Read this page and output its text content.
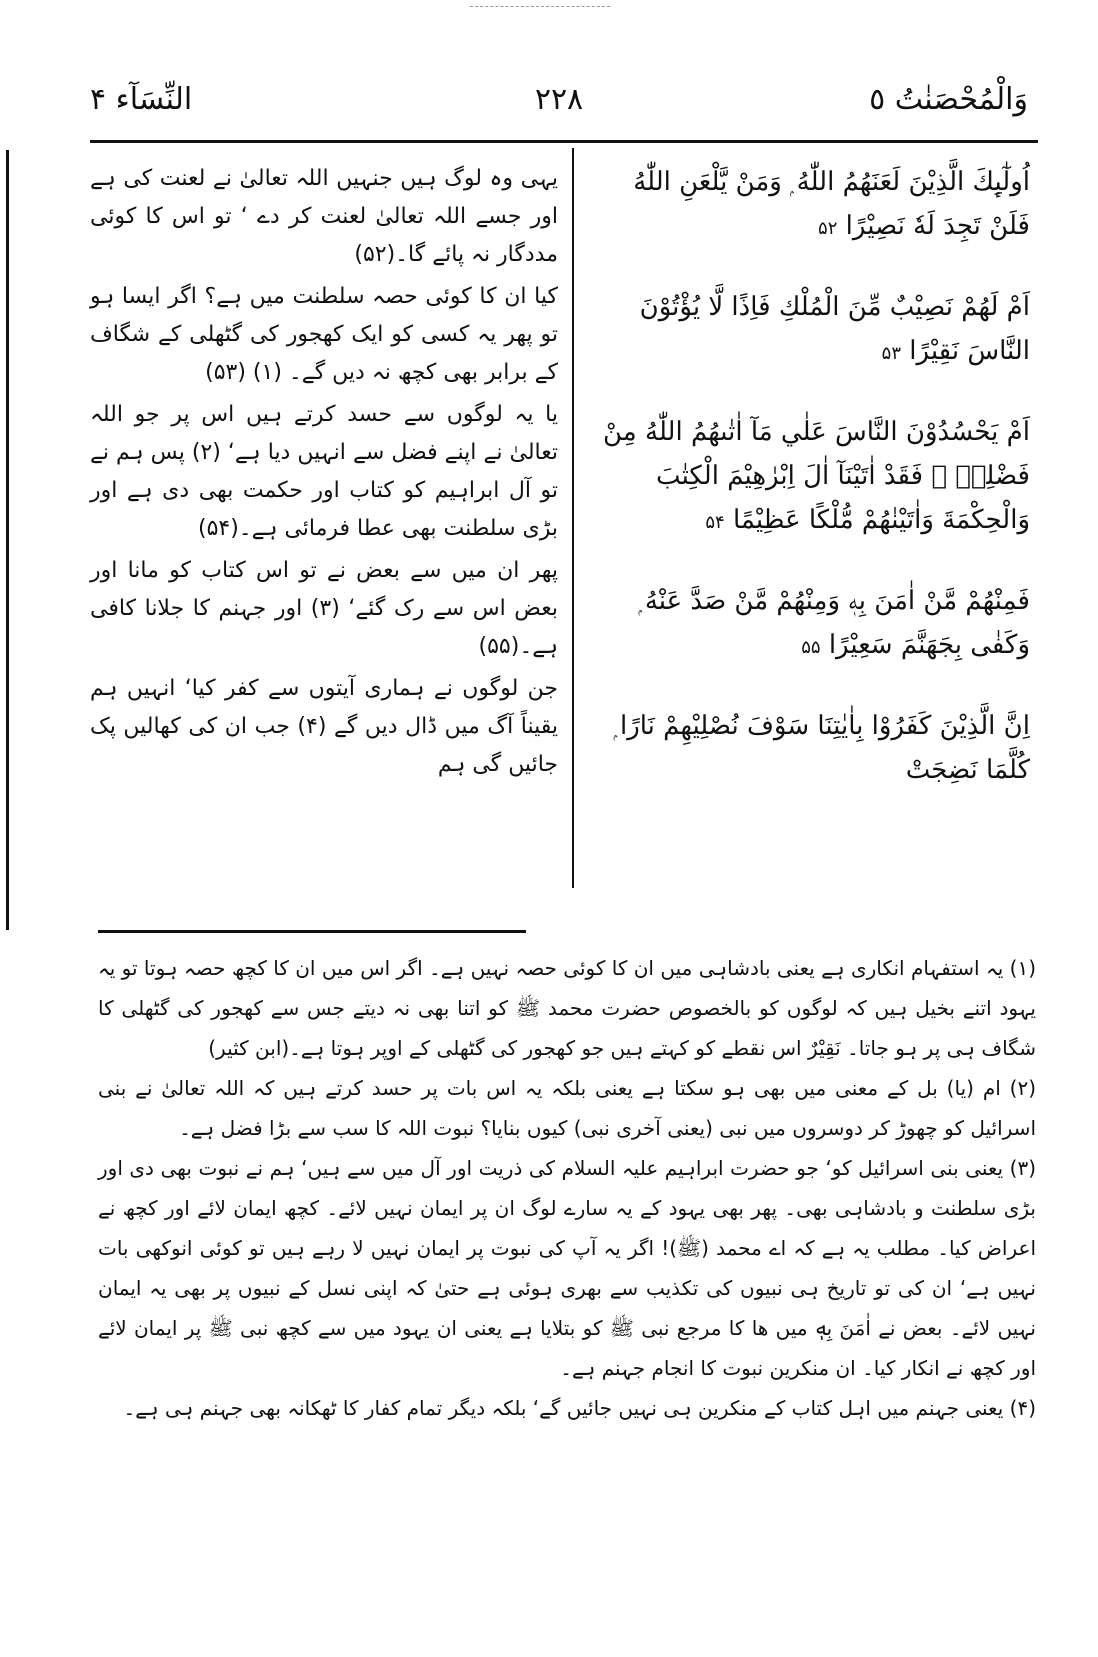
وَالْمُحْصَنٰتُ ٥
۲۲۸
النِّسَآء ۴
اُولٰٓىِٕكَ الَّذِيْنَ لَعَنَهُمُ اللّٰهُ ۭ وَمَنْ يَّلْعَنِ اللّٰهُ فَلَنْ تَجِدَ لَهٗ نَصِيْرًا ۵۲
اَمْ لَھُمْ نَصِيْبٌ مِّنَ الْمُلْكِ فَاِذًا لَّا يُؤْتُوْنَ النَّاسَ نَقِيْرًا ۵۳
اَمْ يَحْسُدُوْنَ النَّاسَ عَلٰي مَآ اٰتٰىھُمُ اللّٰهُ مِنْ فَضْلِهٖ ۚ فَقَدْ اٰتَيْنَآ اٰلَ اِبْرٰهِيْمَ الْكِتٰبَ وَالْحِكْمَةَ وَاٰتَيْنٰھُمْ مُّلْكًا عَظِيْمًا ۵۴
فَمِنْھُمْ مَّنْ اٰمَنَ بِهٖ وَمِنْھُمْ مَّنْ صَدَّ عَنْهُ ۭ وَكَفٰى بِجَهَنَّمَ سَعِيْرًا ۵۵
اِنَّ الَّذِيْنَ كَفَرُوْا بِاٰيٰتِنَا سَوْفَ نُصْلِيْهِمْ نَارًا ۭ كُلَّمَا نَضِجَتْ

یہی وہ لوگ ہیں جنہیں اللہ تعالیٰ نے لعنت کی ہے اور جسے اللہ تعالیٰ لعنت کر دے ‘ تو اس کا کوئی مددگار نہ پائے گا۔(۵۲)

کیا ان کا کوئی حصہ سلطنت میں ہے؟ اگر ایسا ہو تو پھر یہ کسی کو ایک کھجور کی گٹھلی کے شگاف کے برابر بھی کچھ نہ دیں گے۔ (۱) (۵۳)

یا یہ لوگوں سے حسد کرتے ہیں اس پر جو اللہ تعالیٰ نے اپنے فضل سے انہیں دیا ہے‘ (۲) پس ہم نے تو آل ابراہیم کو کتاب اور حکمت بھی دی ہے اور بڑی سلطنت بھی عطا فرمائی ہے۔(۵۴)

پھر ان میں سے بعض نے تو اس کتاب کو مانا اور بعض اس سے رک گئے‘ (۳) اور جہنم کا جلانا کافی ہے۔(۵۵)

جن لوگوں نے ہماری آیتوں سے کفر کیا‘ انہیں ہم یقیناً آگ میں ڈال دیں گے (۴) جب ان کی کھالیں پک جائیں گی ہم

(۱) یہ استفہام انکاری ہے یعنی بادشاہی میں ان کا کوئی حصہ نہیں ہے۔ اگر اس میں ان کا کچھ حصہ ہوتا تو یہ یہود اتنے بخیل ہیں کہ لوگوں کو بالخصوص حضرت محمد ﷺ کو اتنا بھی نہ دیتے جس سے کھجور کی گٹھلی کا شگاف ہی پر ہو جاتا۔ نَقِيْرٌ اس نقطے کو کہتے ہیں جو کھجور کی گٹھلی کے اوپر ہوتا ہے۔(ابن کثیر)

(۲) ام (یا) بل کے معنی میں بھی ہو سکتا ہے یعنی بلکہ یہ اس بات پر حسد کرتے ہیں کہ اللہ تعالیٰ نے بنی اسرائیل کو چھوڑ کر دوسروں میں نبی (یعنی آخری نبی) کیوں بنایا؟ نبوت اللہ کا سب سے بڑا فضل ہے۔

(۳) یعنی بنی اسرائیل کو‘ جو حضرت ابراہیم علیہ السلام کی ذریت اور آل میں سے ہیں‘ ہم نے نبوت بھی دی اور بڑی سلطنت و بادشاہی بھی۔ پھر بھی یہود کے یہ سارے لوگ ان پر ایمان نہیں لائے۔ کچھ ایمان لائے اور کچھ نے اعراض کیا۔ مطلب یہ ہے کہ اے محمد (ﷺ)! اگر یہ آپ کی نبوت پر ایمان نہیں لا رہے ہیں تو کوئی انوکھی بات نہیں ہے‘ ان کی تو تاریخ ہی نبیوں کی تکذیب سے بھری ہوئی ہے حتیٰ کہ اپنی نسل کے نبیوں پر بھی یہ ایمان نہیں لائے۔ بعض نے اٰمَنَ بِهٖ میں ھا کا مرجع نبی ﷺ کو بتلایا ہے یعنی ان یہود میں سے کچھ نبی ﷺ پر ایمان لائے اور کچھ نے انکار کیا۔ ان منکرین نبوت کا انجام جہنم ہے۔

(۴) یعنی جہنم میں اہل کتاب کے منکرین ہی نہیں جائیں گے‘ بلکہ دیگر تمام کفار کا ٹھکانہ بھی جہنم ہی ہے۔
